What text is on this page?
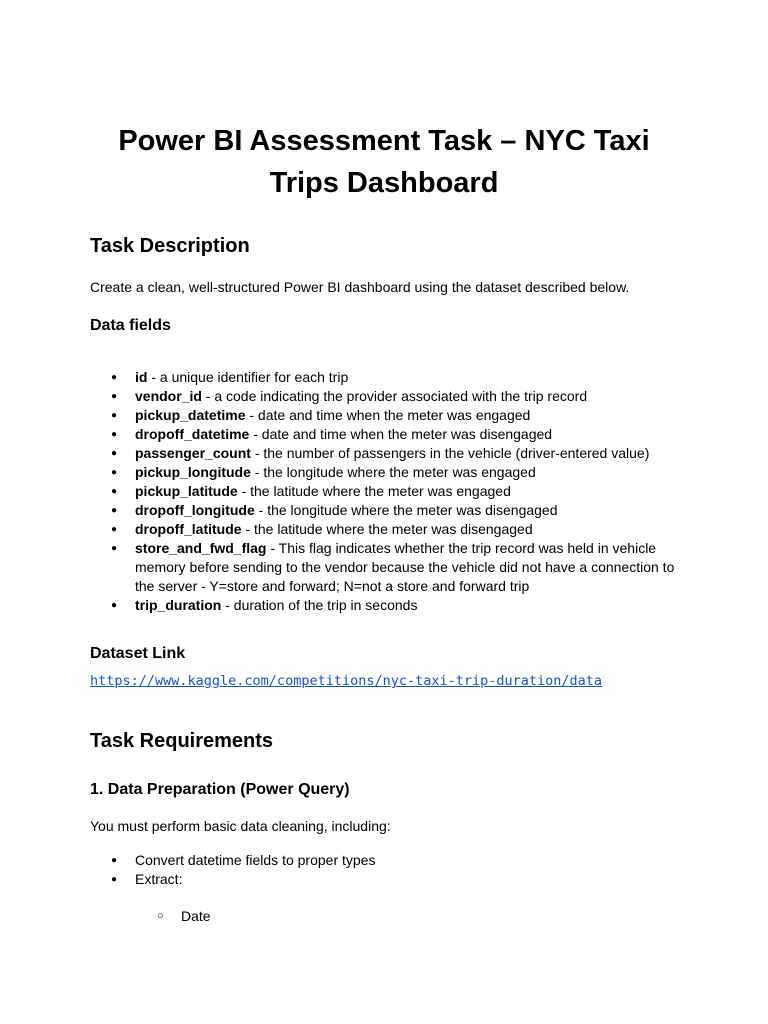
Power BI Assessment Task – NYC Taxi Trips Dashboard
Task Description

Create a clean, well-structured Power BI dashboard using the dataset described below.

Data fields
● id - a unique identifier for each trip
● vendor_id - a code indicating the provider associated with the trip record
● pickup_datetime - date and time when the meter was engaged
● dropoff_datetime - date and time when the meter was disengaged
● passenger_count - the number of passengers in the vehicle (driver-entered value)
● pickup_longitude - the longitude where the meter was engaged
● pickup_latitude - the latitude where the meter was engaged
● dropoff_longitude - the longitude where the meter was disengaged
● dropoff_latitude - the latitude where the meter was disengaged
● store_and_fwd_flag - This flag indicates whether the trip record was held in vehicle memory before sending to the vendor because the vehicle did not have a connection to the server - Y=store and forward; N=not a store and forward trip
● trip_duration - duration of the trip in seconds
Dataset Link
https://www.kaggle.com/competitions/nyc-taxi-trip-duration/data
Task Requirements
1. Data Preparation (Power Query)

You must perform basic data cleaning, including:

● Convert datetime fields to proper types
● Extract:
○ Date
